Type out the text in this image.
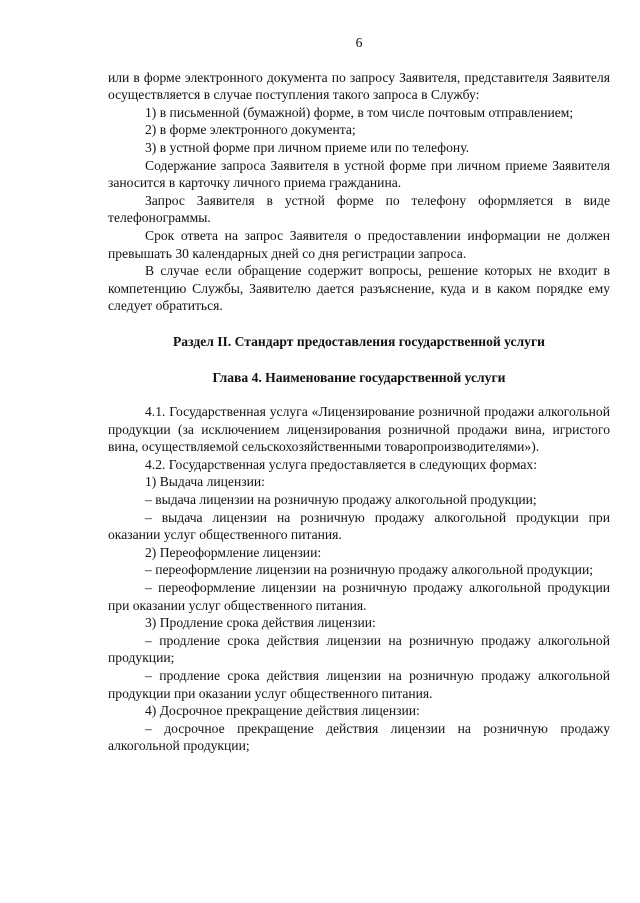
6

или в форме электронного документа по запросу Заявителя, представителя Заявителя осуществляется в случае поступления такого запроса в Службу:

1) в письменной (бумажной) форме, в том числе почтовым отправлением;

2) в форме электронного документа;

3) в устной форме при личном приеме или по телефону.

Содержание запроса Заявителя в устной форме при личном приеме Заявителя заносится в карточку личного приема гражданина.

Запрос Заявителя в устной форме по телефону оформляется в виде телефонограммы.

Срок ответа на запрос Заявителя о предоставлении информации не должен превышать 30 календарных дней со дня регистрации запроса.

В случае если обращение содержит вопросы, решение которых не входит в компетенцию Службы, Заявителю дается разъяснение, куда и в каком порядке ему следует обратиться.

Раздел II. Стандарт предоставления государственной услуги

Глава 4. Наименование государственной услуги

4.1. Государственная услуга «Лицензирование розничной продажи алкогольной продукции (за исключением лицензирования розничной продажи вина, игристого вина, осуществляемой сельскохозяйственными товаропроизводителями»).

4.2. Государственная услуга предоставляется в следующих формах:

1) Выдача лицензии:

– выдача лицензии на розничную продажу алкогольной продукции;

– выдача лицензии на розничную продажу алкогольной продукции при оказании услуг общественного питания.

2) Переоформление лицензии:

– переоформление лицензии на розничную продажу алкогольной продукции;

– переоформление лицензии на розничную продажу алкогольной продукции при оказании услуг общественного питания.

3) Продление срока действия лицензии:

– продление срока действия лицензии на розничную продажу алкогольной продукции;

– продление срока действия лицензии на розничную продажу алкогольной продукции при оказании услуг общественного питания.

4) Досрочное прекращение действия лицензии:

– досрочное прекращение действия лицензии на розничную продажу алкогольной продукции;
